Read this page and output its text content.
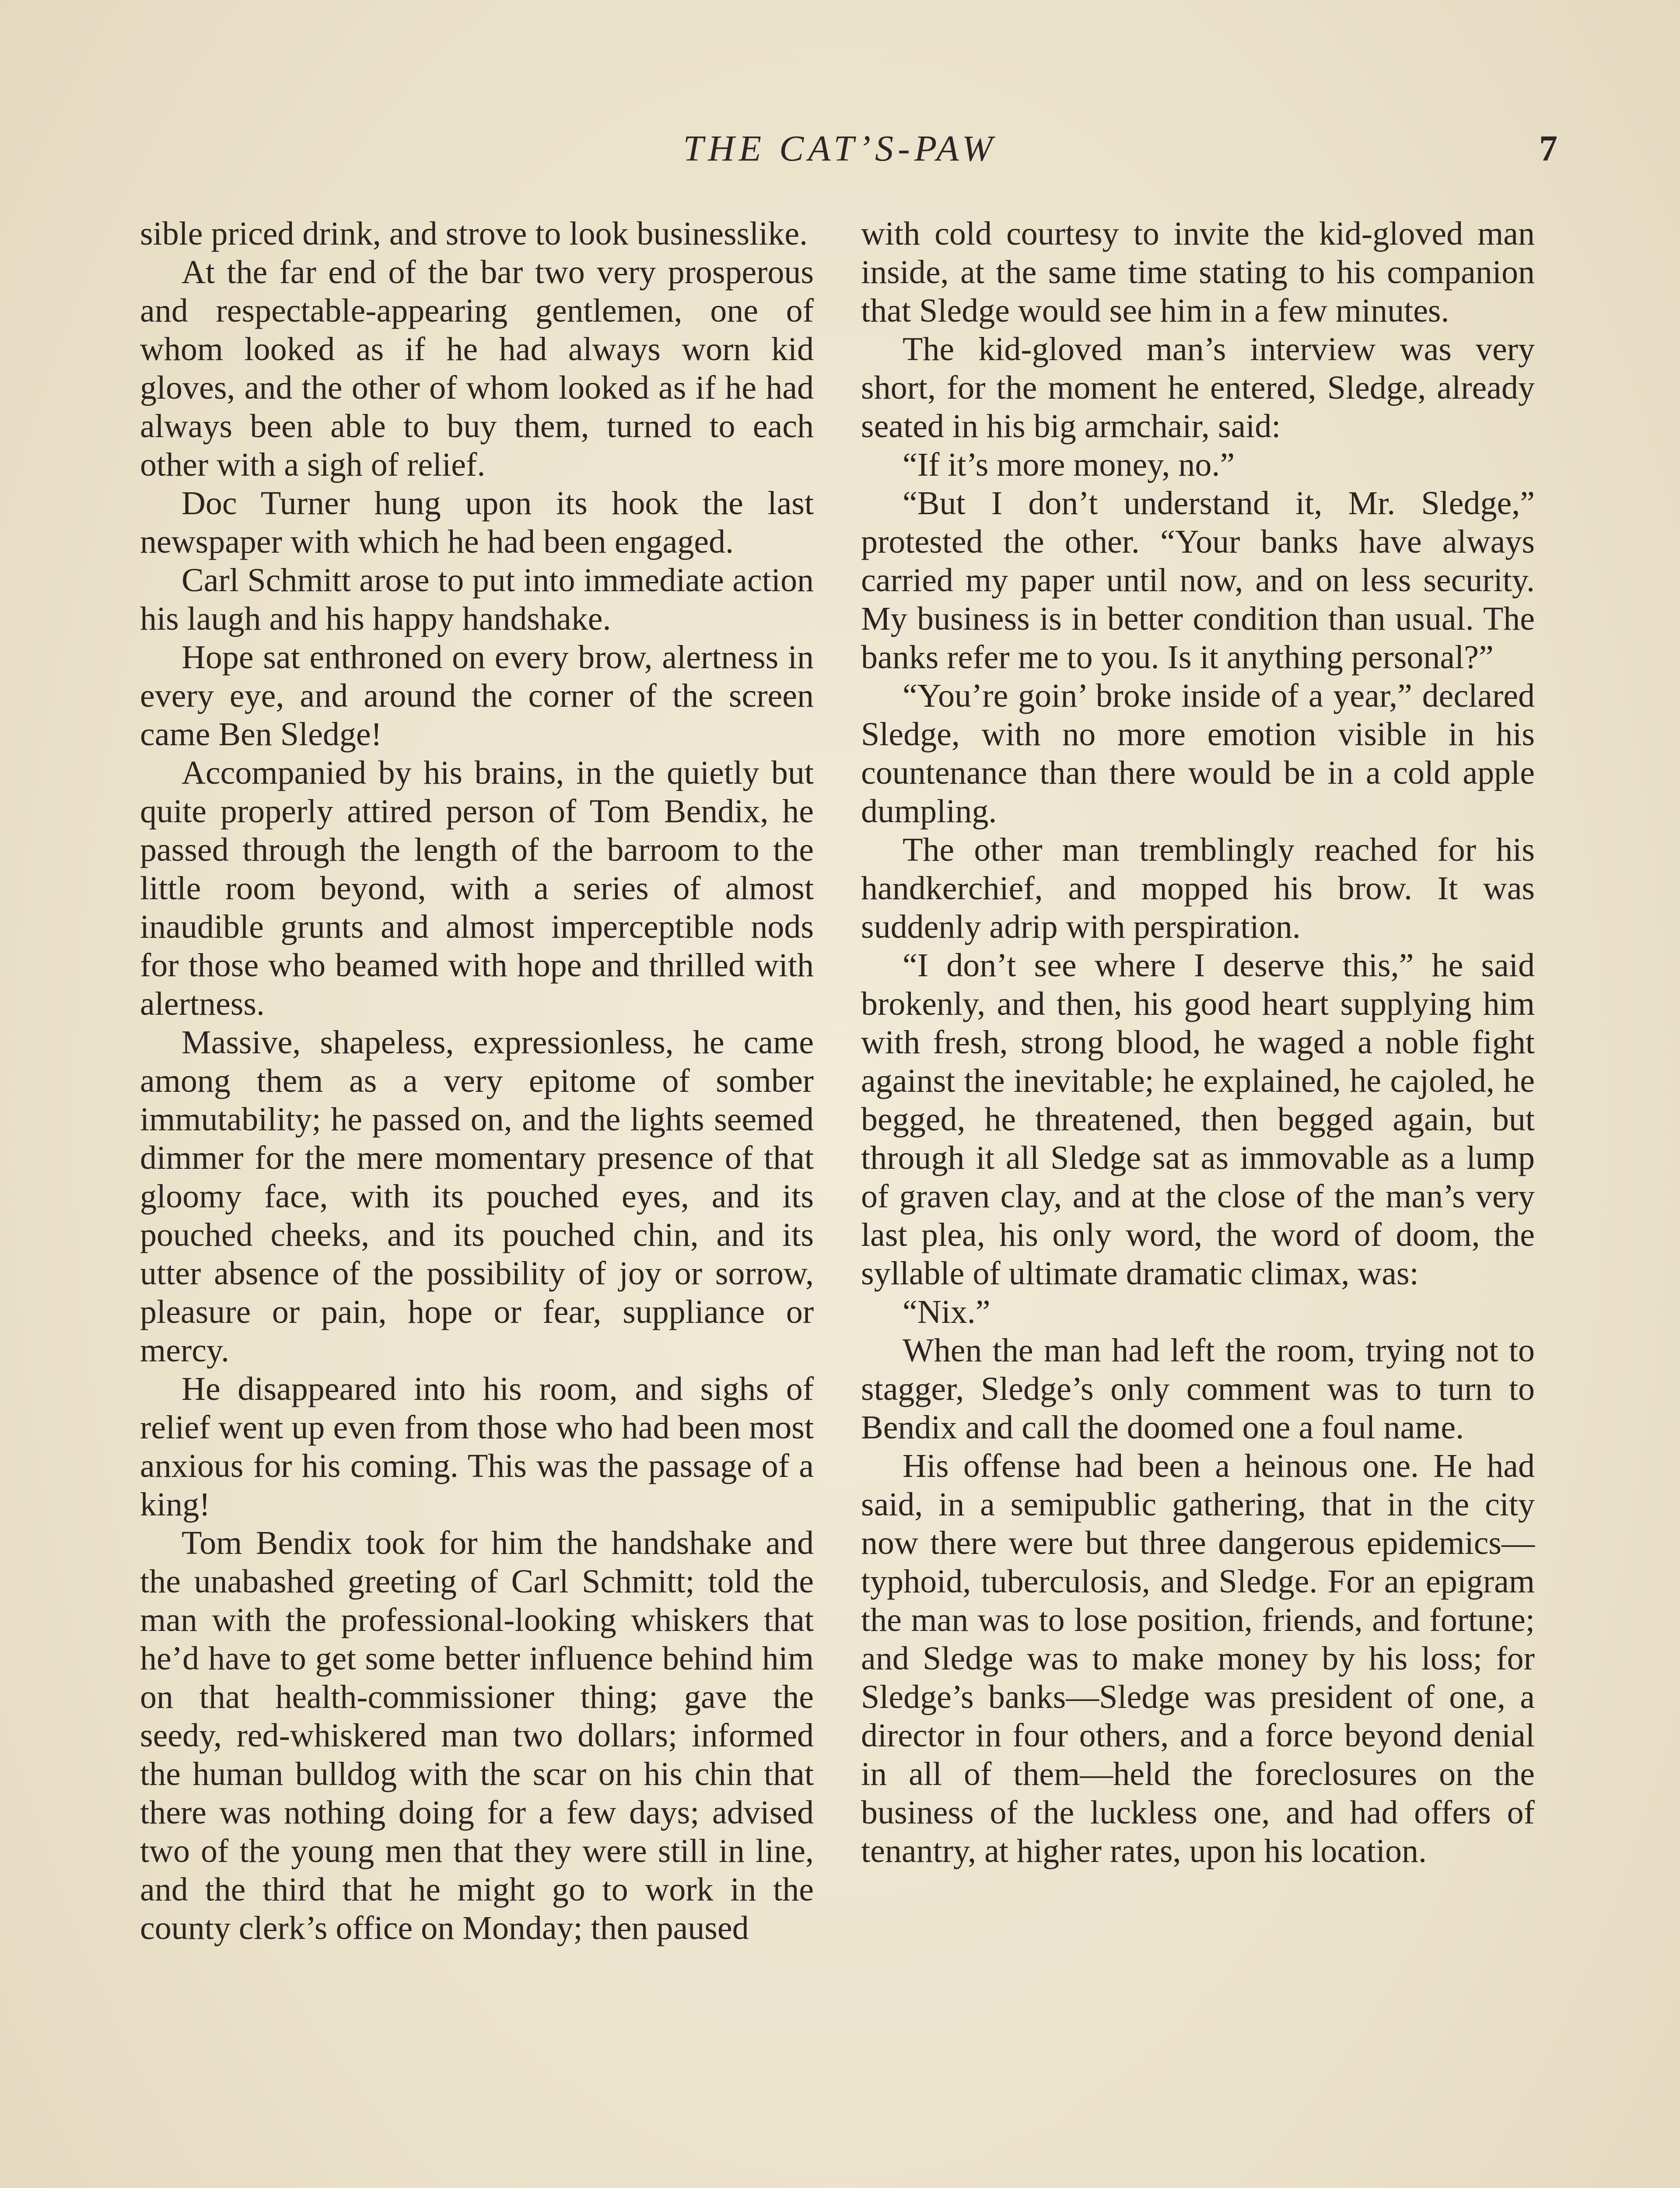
THE CAT’S-PAW	7

sible priced drink, and strove to look businesslike.

At the far end of the bar two very prosperous and respectable-appearing gentlemen, one of whom looked as if he had always worn kid gloves, and the other of whom looked as if he had always been able to buy them, turned to each other with a sigh of relief.

Doc Turner hung upon its hook the last newspaper with which he had been engaged.

Carl Schmitt arose to put into immediate action his laugh and his happy handshake.

Hope sat enthroned on every brow, alertness in every eye, and around the corner of the screen came Ben Sledge!

Accompanied by his brains, in the quietly but quite properly attired person of Tom Bendix, he passed through the length of the barroom to the little room beyond, with a series of almost inaudible grunts and almost imperceptible nods for those who beamed with hope and thrilled with alertness.

Massive, shapeless, expressionless, he came among them as a very epitome of somber immutability; he passed on, and the lights seemed dimmer for the mere momentary presence of that gloomy face, with its pouched eyes, and its pouched cheeks, and its pouched chin, and its utter absence of the possibility of joy or sorrow, pleasure or pain, hope or fear, suppliance or mercy.

He disappeared into his room, and sighs of relief went up even from those who had been most anxious for his coming. This was the passage of a king!

Tom Bendix took for him the handshake and the unabashed greeting of Carl Schmitt; told the man with the professional-looking whiskers that he’d have to get some better influence behind him on that health-commissioner thing; gave the seedy, red-whiskered man two dollars; informed the human bulldog with the scar on his chin that there was nothing doing for a few days; advised two of the young men that they were still in line, and the third that he might go to work in the county clerk’s office on Monday; then paused

with cold courtesy to invite the kid-gloved man inside, at the same time stating to his companion that Sledge would see him in a few minutes.

The kid-gloved man’s interview was very short, for the moment he entered, Sledge, already seated in his big armchair, said:

“If it’s more money, no.”

“But I don’t understand it, Mr. Sledge,” protested the other. “Your banks have always carried my paper until now, and on less security. My business is in better condition than usual. The banks refer me to you. Is it anything personal?”

“You’re goin’ broke inside of a year,” declared Sledge, with no more emotion visible in his countenance than there would be in a cold apple dumpling.

The other man tremblingly reached for his handkerchief, and mopped his brow. It was suddenly adrip with perspiration.

“I don’t see where I deserve this,” he said brokenly, and then, his good heart supplying him with fresh, strong blood, he waged a noble fight against the inevitable; he explained, he cajoled, he begged, he threatened, then begged again, but through it all Sledge sat as immovable as a lump of graven clay, and at the close of the man’s very last plea, his only word, the word of doom, the syllable of ultimate dramatic climax, was:

“Nix.”

When the man had left the room, trying not to stagger, Sledge’s only comment was to turn to Bendix and call the doomed one a foul name.

His offense had been a heinous one. He had said, in a semipublic gathering, that in the city now there were but three dangerous epidemics—typhoid, tuberculosis, and Sledge. For an epigram the man was to lose position, friends, and fortune; and Sledge was to make money by his loss; for Sledge’s banks—Sledge was president of one, a director in four others, and a force beyond denial in all of them—held the foreclosures on the business of the luckless one, and had offers of tenantry, at higher rates, upon his location.
